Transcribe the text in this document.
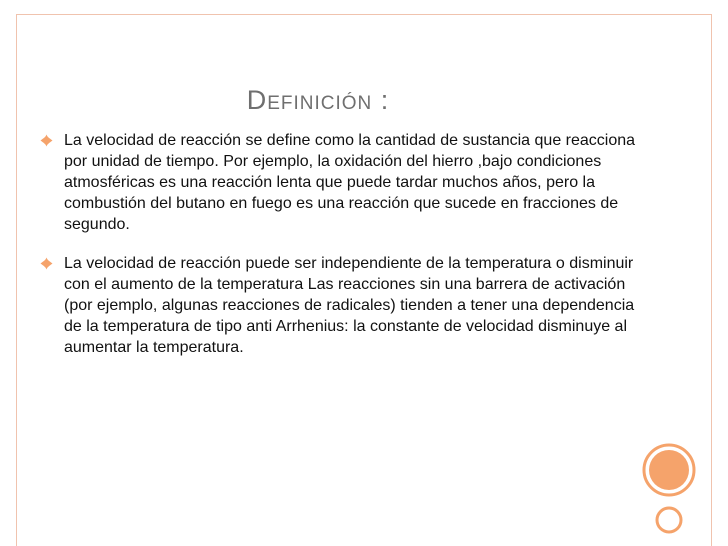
Definición :
La velocidad de reacción se define como la cantidad de sustancia que reacciona por unidad de tiempo. Por ejemplo, la oxidación del hierro ,bajo condiciones atmosféricas es una reacción lenta que puede tardar muchos años, pero la combustión del butano en fuego es una reacción que sucede en fracciones de segundo.
La velocidad de reacción puede ser independiente de la temperatura o disminuir con el aumento de la temperatura Las reacciones sin una barrera de activación (por ejemplo, algunas reacciones de radicales) tienden a tener una dependencia de la temperatura de tipo anti Arrhenius: la constante de velocidad disminuye al aumentar la temperatura.
